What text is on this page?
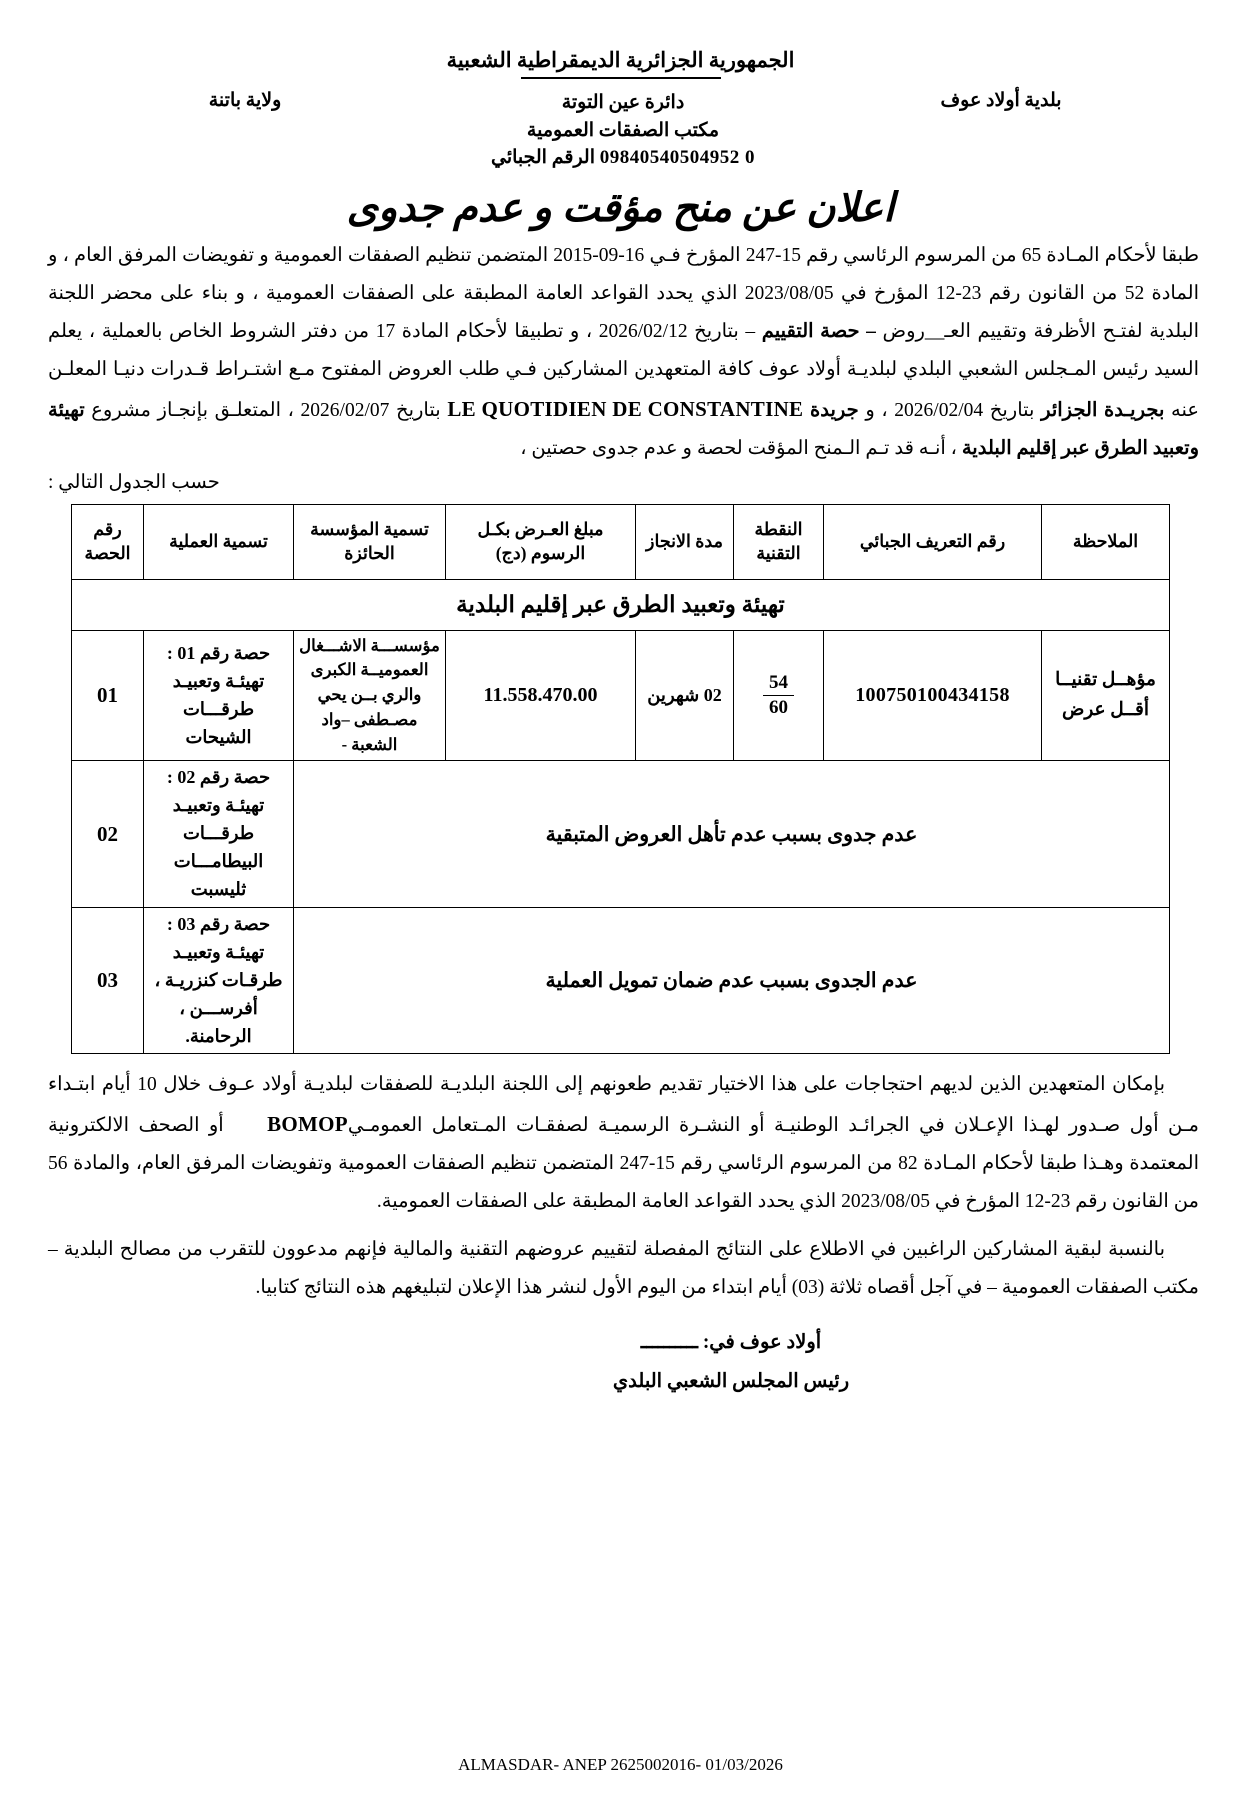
الجمهورية الجزائرية الديمقراطية الشعبية
ولاية باتنة	دائرة عين التوتة
مكتب الصفقات العمومية
09840540504952 0 الرقم الجبائي
بلدية أولاد عوف
اعلان عن منح مؤقت و عدم جدوى

طبقا لأحكام المـادة 65 من المرسوم الرئاسي رقم 15-247 المؤرخ فـي 16-09-2015 المتضمن تنظيم الصفقات العمومية و تفويضات المرفق العام ، و المادة 52 من القانون رقم 23-12 المؤرخ في 2023/08/05 الذي يحدد القواعد العامة المطبقة على الصفقات العمومية ، و بناء على محضر اللجنة البلدية لفتـح الأظرفة وتقييم العـ__روض – حصة التقييم – بتاريخ 2026/02/12 ، و تطبيقا لأحكام المادة 17 من دفتر الشروط الخاص بالعملية ، يعلم السيد رئيس المـجلس الشعبي البلدي لبلديـة أولاد عوف كافة المتعهدين المشاركين فـي طلب العروض المفتوح مـع اشتـراط قـدرات دنيـا المعلـن عنه بجريـدة الجزائر بتاريخ 2026/02/04 ، و جريدة LE QUOTIDIEN DE CONSTANTINE بتاريخ 2026/02/07 ، المتعلـق بإنجـاز مشروع تهيئة وتعبيد الطرق عبر إقليم البلدية ، أنـه قد تـم الـمنح المؤقت لحصة و عدم جدوى حصتين ،

حسب الجدول التالي :
الملاحظة	رقم التعريف الجبائي	النقطة التقنية	مدة الانجاز	مبلغ العـرض بكـل الرسوم (دج)	تسمية المؤسسة الحائزة	تسمية العملية	رقم الحصة
تهيئة وتعبيد الطرق عبر إقليم البلدية							
مؤهــل تقنيــا أقــل عرض	100750100434158	$\frac{54}{60}$	02 شهرين	11.558.470.00	مؤسســـة الاشـــغال العموميــة الكبرى والري بــن يحي مصـطفى –واد الشعبة -	حصة رقم 01 : تهيئـة وتعبيـد طرقـــات الشيحات	01
عدم جدوى بسبب عدم تأهل العروض المتبقية						حصة رقم 02 : تهيئـة وتعبيـد طرقـــات البيطامـــات ثليسبت	02
عدم الجدوى بسبب عدم ضمان تمويل العملية						حصة رقم 03 : تهيئـة وتعبيـد طرقـات كنزريـة ، أفرســـن ، الرحامنة.	03

بإمكان المتعهدين الذين لديهم احتجاجات على هذا الاختيار تقديم طعونهم إلى اللجنة البلديـة للصفقات لبلديـة أولاد عـوف خلال 10 أيام ابتـداء مـن أول صـدور لهـذا الإعـلان في الجرائـد الوطنيـة أو النشـرة الرسميـة لصفقـات المـتعامل العمومـيBOMOP أو الصحف الالكترونية المعتمدة وهـذا طبقا لأحكام المـادة 82 من المرسوم الرئاسي رقم 15-247 المتضمن تنظيم الصفقات العمومية وتفويضات المرفق العام، والمادة 56 من القانون رقم 23-12 المؤرخ في 2023/08/05 الذي يحدد القواعد العامة المطبقة على الصفقات العمومية.

بالنسبة لبقية المشاركين الراغبين في الاطلاع على النتائج المفصلة لتقييم عروضهم التقنية والمالية فإنهم مدعوون للتقرب من مصالح البلدية – مكتب الصفقات العمومية – في آجل أقصاه ثلاثة (03) أيام ابتداء من اليوم الأول لنشر هذا الإعلان لتبليغهم هذه النتائج كتابيا.

أولاد عوف في: ــــــــــ
رئيس المجلس الشعبي البلدي
ALMASDAR- ANEP 2625002016- 01/03/2026
